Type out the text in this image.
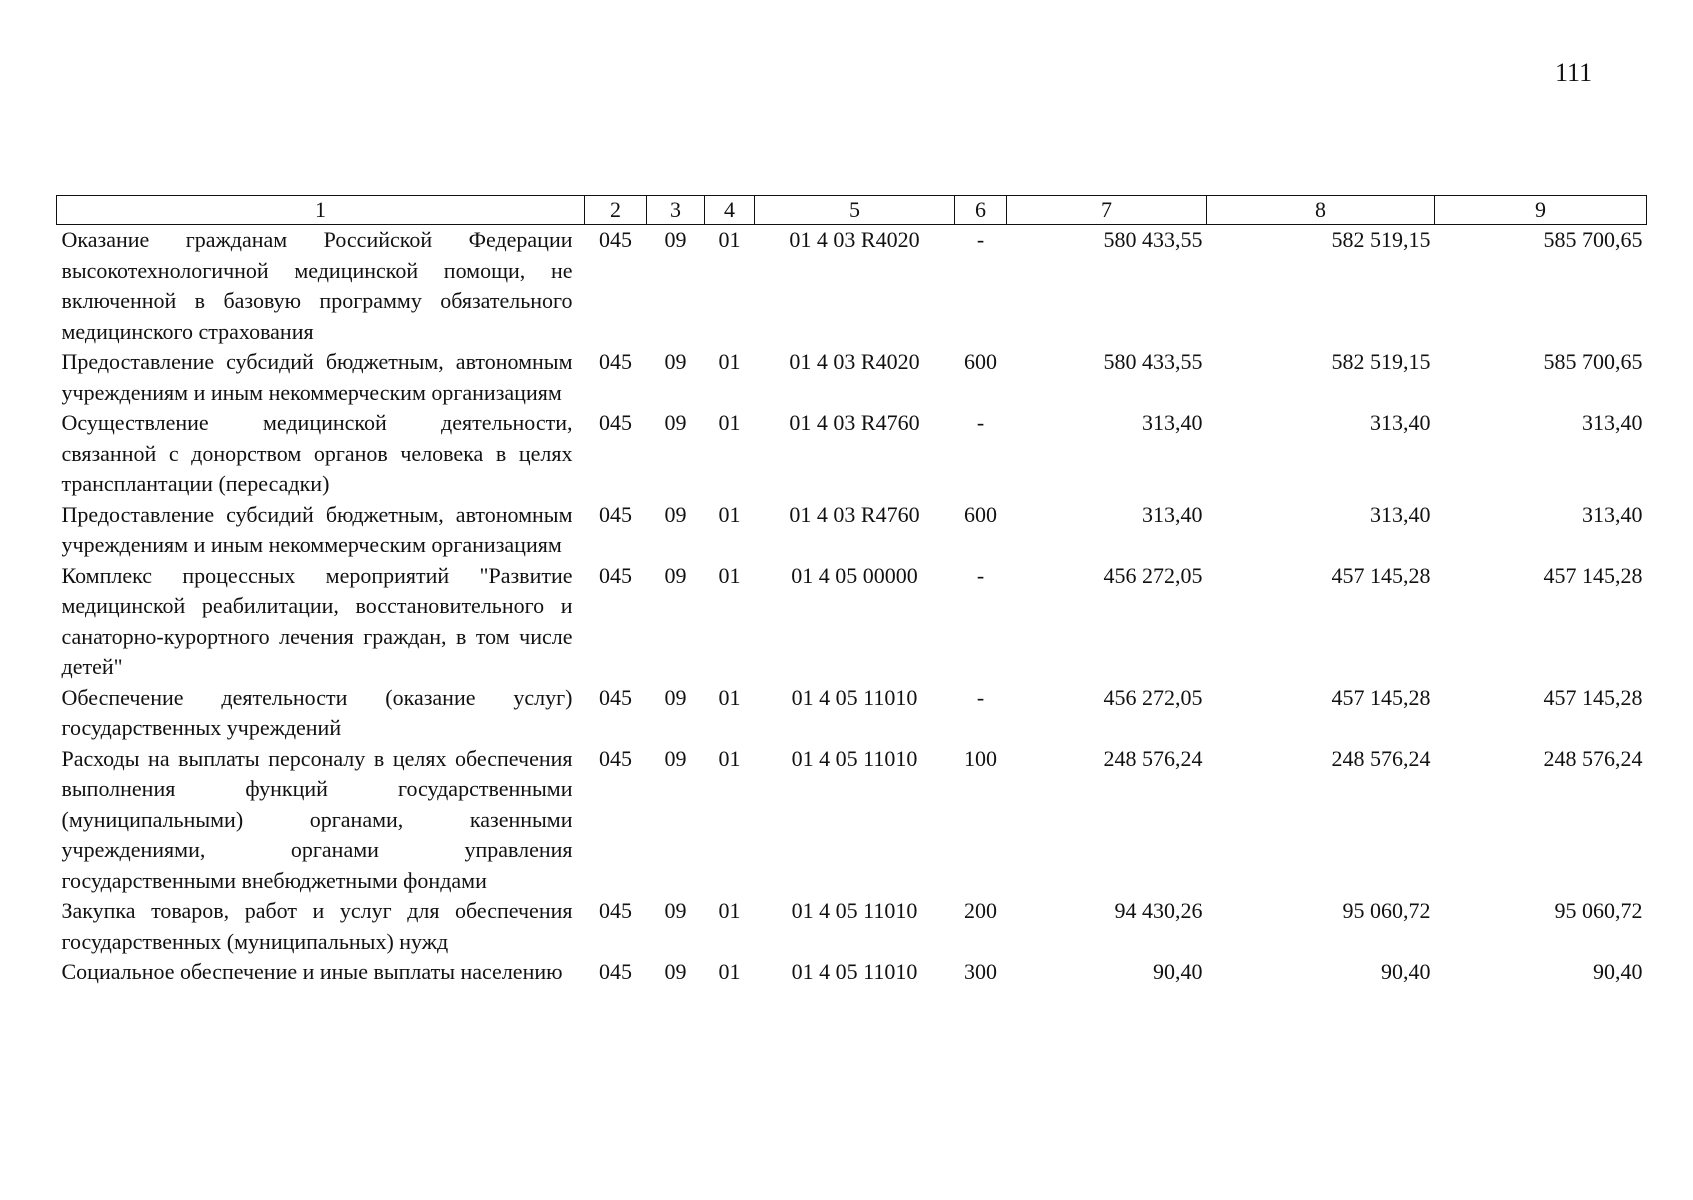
111
1	2	3	4	5	6	7	8	9
Оказание гражданам Российской Федерации высокотехнологичной медицинской помощи, не включенной в базовую программу обязательного медицинского страхования	045	09	01	01 4 03 R4020	-	580 433,55	582 519,15	585 700,65
Предоставление субсидий бюджетным, автономным учреждениям и иным некоммерческим организациям	045	09	01	01 4 03 R4020	600	580 433,55	582 519,15	585 700,65
Осуществление медицинской деятельности, связанной с донорством органов человека в целях трансплантации (пересадки)	045	09	01	01 4 03 R4760	-	313,40	313,40	313,40
Предоставление субсидий бюджетным, автономным учреждениям и иным некоммерческим организациям	045	09	01	01 4 03 R4760	600	313,40	313,40	313,40
Комплекс процессных мероприятий "Развитие медицинской реабилитации, восстановительного и санаторно-курортного лечения граждан, в том числе детей"	045	09	01	01 4 05 00000	-	456 272,05	457 145,28	457 145,28
Обеспечение деятельности (оказание услуг) государственных учреждений	045	09	01	01 4 05 11010	-	456 272,05	457 145,28	457 145,28
Расходы на выплаты персоналу в целях обеспечения выполнения функций государственными (муниципальными) органами, казенными учреждениями, органами управления государственными внебюджетными фондами	045	09	01	01 4 05 11010	100	248 576,24	248 576,24	248 576,24
Закупка товаров, работ и услуг для обеспечения государственных (муниципальных) нужд	045	09	01	01 4 05 11010	200	94 430,26	95 060,72	95 060,72
Социальное обеспечение и иные выплаты населению	045	09	01	01 4 05 11010	300	90,40	90,40	90,40
